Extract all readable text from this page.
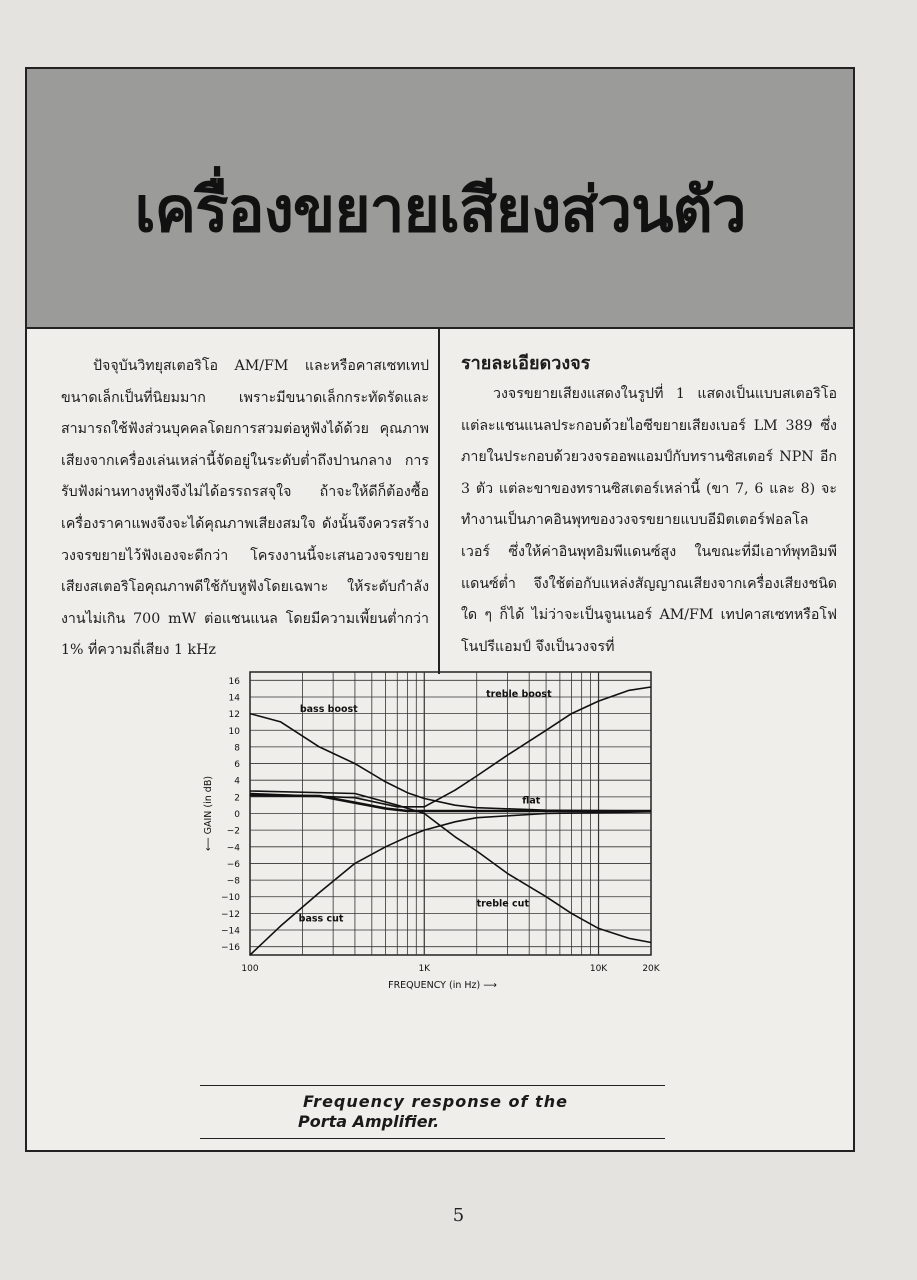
เครื่องขยายเสียงส่วนตัว

ปัจจุบันวิทยุสเตอริโอ AM/FM และหรือคาสเซทเทปขนาดเล็กเป็นที่นิยมมาก เพราะมีขนาดเล็กกระทัดรัดและสามารถใช้ฟังส่วนบุคคลโดยการสวมต่อหูฟังได้ด้วย คุณภาพเสียงจากเครื่องเล่นเหล่านี้จัดอยู่ในระดับต่ำถึงปานกลาง การรับฟังผ่านทางหูฟังจึงไม่ได้อรรถรสจุใจ ถ้าจะให้ดีก็ต้องซื้อเครื่องราคาแพงจึงจะได้คุณภาพเสียงสมใจ ดังนั้นจึงควรสร้างวงจรขยายไว้ฟังเองจะดีกว่า โครงงานนี้จะเสนอวงจรขยายเสียงสเตอริโอคุณภาพดีใช้กับหูฟังโดยเฉพาะ ให้ระดับกำลังงานไม่เกิน 700 mW ต่อแชนแนล โดยมีความเพี้ยนต่ำกว่า 1% ที่ความถี่เสียง 1 kHz

รายละเอียดวงจร

วงจรขยายเสียงแสดงในรูปที่ 1 แสดงเป็นแบบสเตอริโอ แต่ละแชนแนลประกอบด้วยไอซีขยายเสียงเบอร์ LM 389 ซึ่งภายในประกอบด้วยวงจรออพแอมป์กับทรานซิสเตอร์ NPN อีก 3 ตัว แต่ละขาของทรานซิสเตอร์เหล่านี้ (ขา 7, 6 และ 8) จะทำงานเป็นภาคอินพุทของวงจรขยายแบบอีมิตเตอร์ฟอลโลเวอร์ ซึ่งให้ค่าอินพุทอิมพีแดนซ์สูง ในขณะที่มีเอาท์พุทอิมพีแดนซ์ต่ำ จึงใช้ต่อกับแหล่งสัญญาณเสียงจากเครื่องเสียงชนิดใด ๆ ก็ได้ ไม่ว่าจะเป็นจูนเนอร์ AM/FM เทปคาสเซทหรือโฟโนปรีแอมป์ จึงเป็นวงจรที่

16
14
12
10
8
6
4
2
0
−2
−4
−6
−8
−10
−12
−14
−16
100	1K	10K	20K
FREQUENCY (in Hz) ⟶
⟵ GAIN (in dB)
bass boost
bass cut
treble boost
treble cut
flat
Frequency response of the
Porta Amplifier.
5
